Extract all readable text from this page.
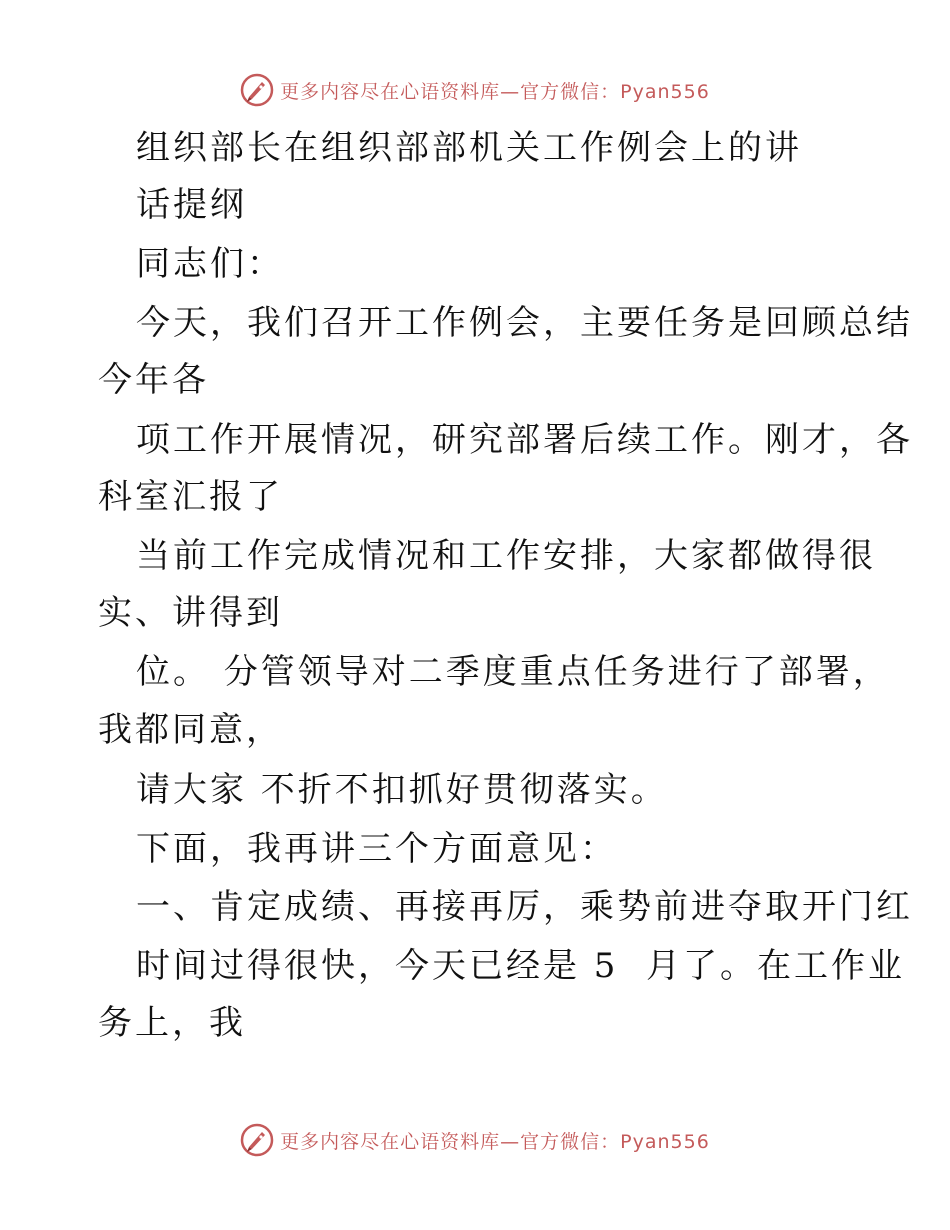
更多内容尽在心语资料库—官方微信：Pyan556
组织部长在组织部部机关工作例会上的讲
话提纲
同志们：
今天，我们召开工作例会，主要任务是回顾总结
今年各
项工作开展情况，研究部署后续工作。刚才，各
科室汇报了
当前工作完成情况和工作安排，大家都做得很
实、讲得到
位。 分管领导对二季度重点任务进行了部署，
我都同意，
请大家 不折不扣抓好贯彻落实。
下面，我再讲三个方面意见：
一、肯定成绩、再接再厉，乘势前进夺取开门红
时间过得很快，今天已经是 5  月了。在工作业
务上，我
更多内容尽在心语资料库—官方微信：Pyan556
